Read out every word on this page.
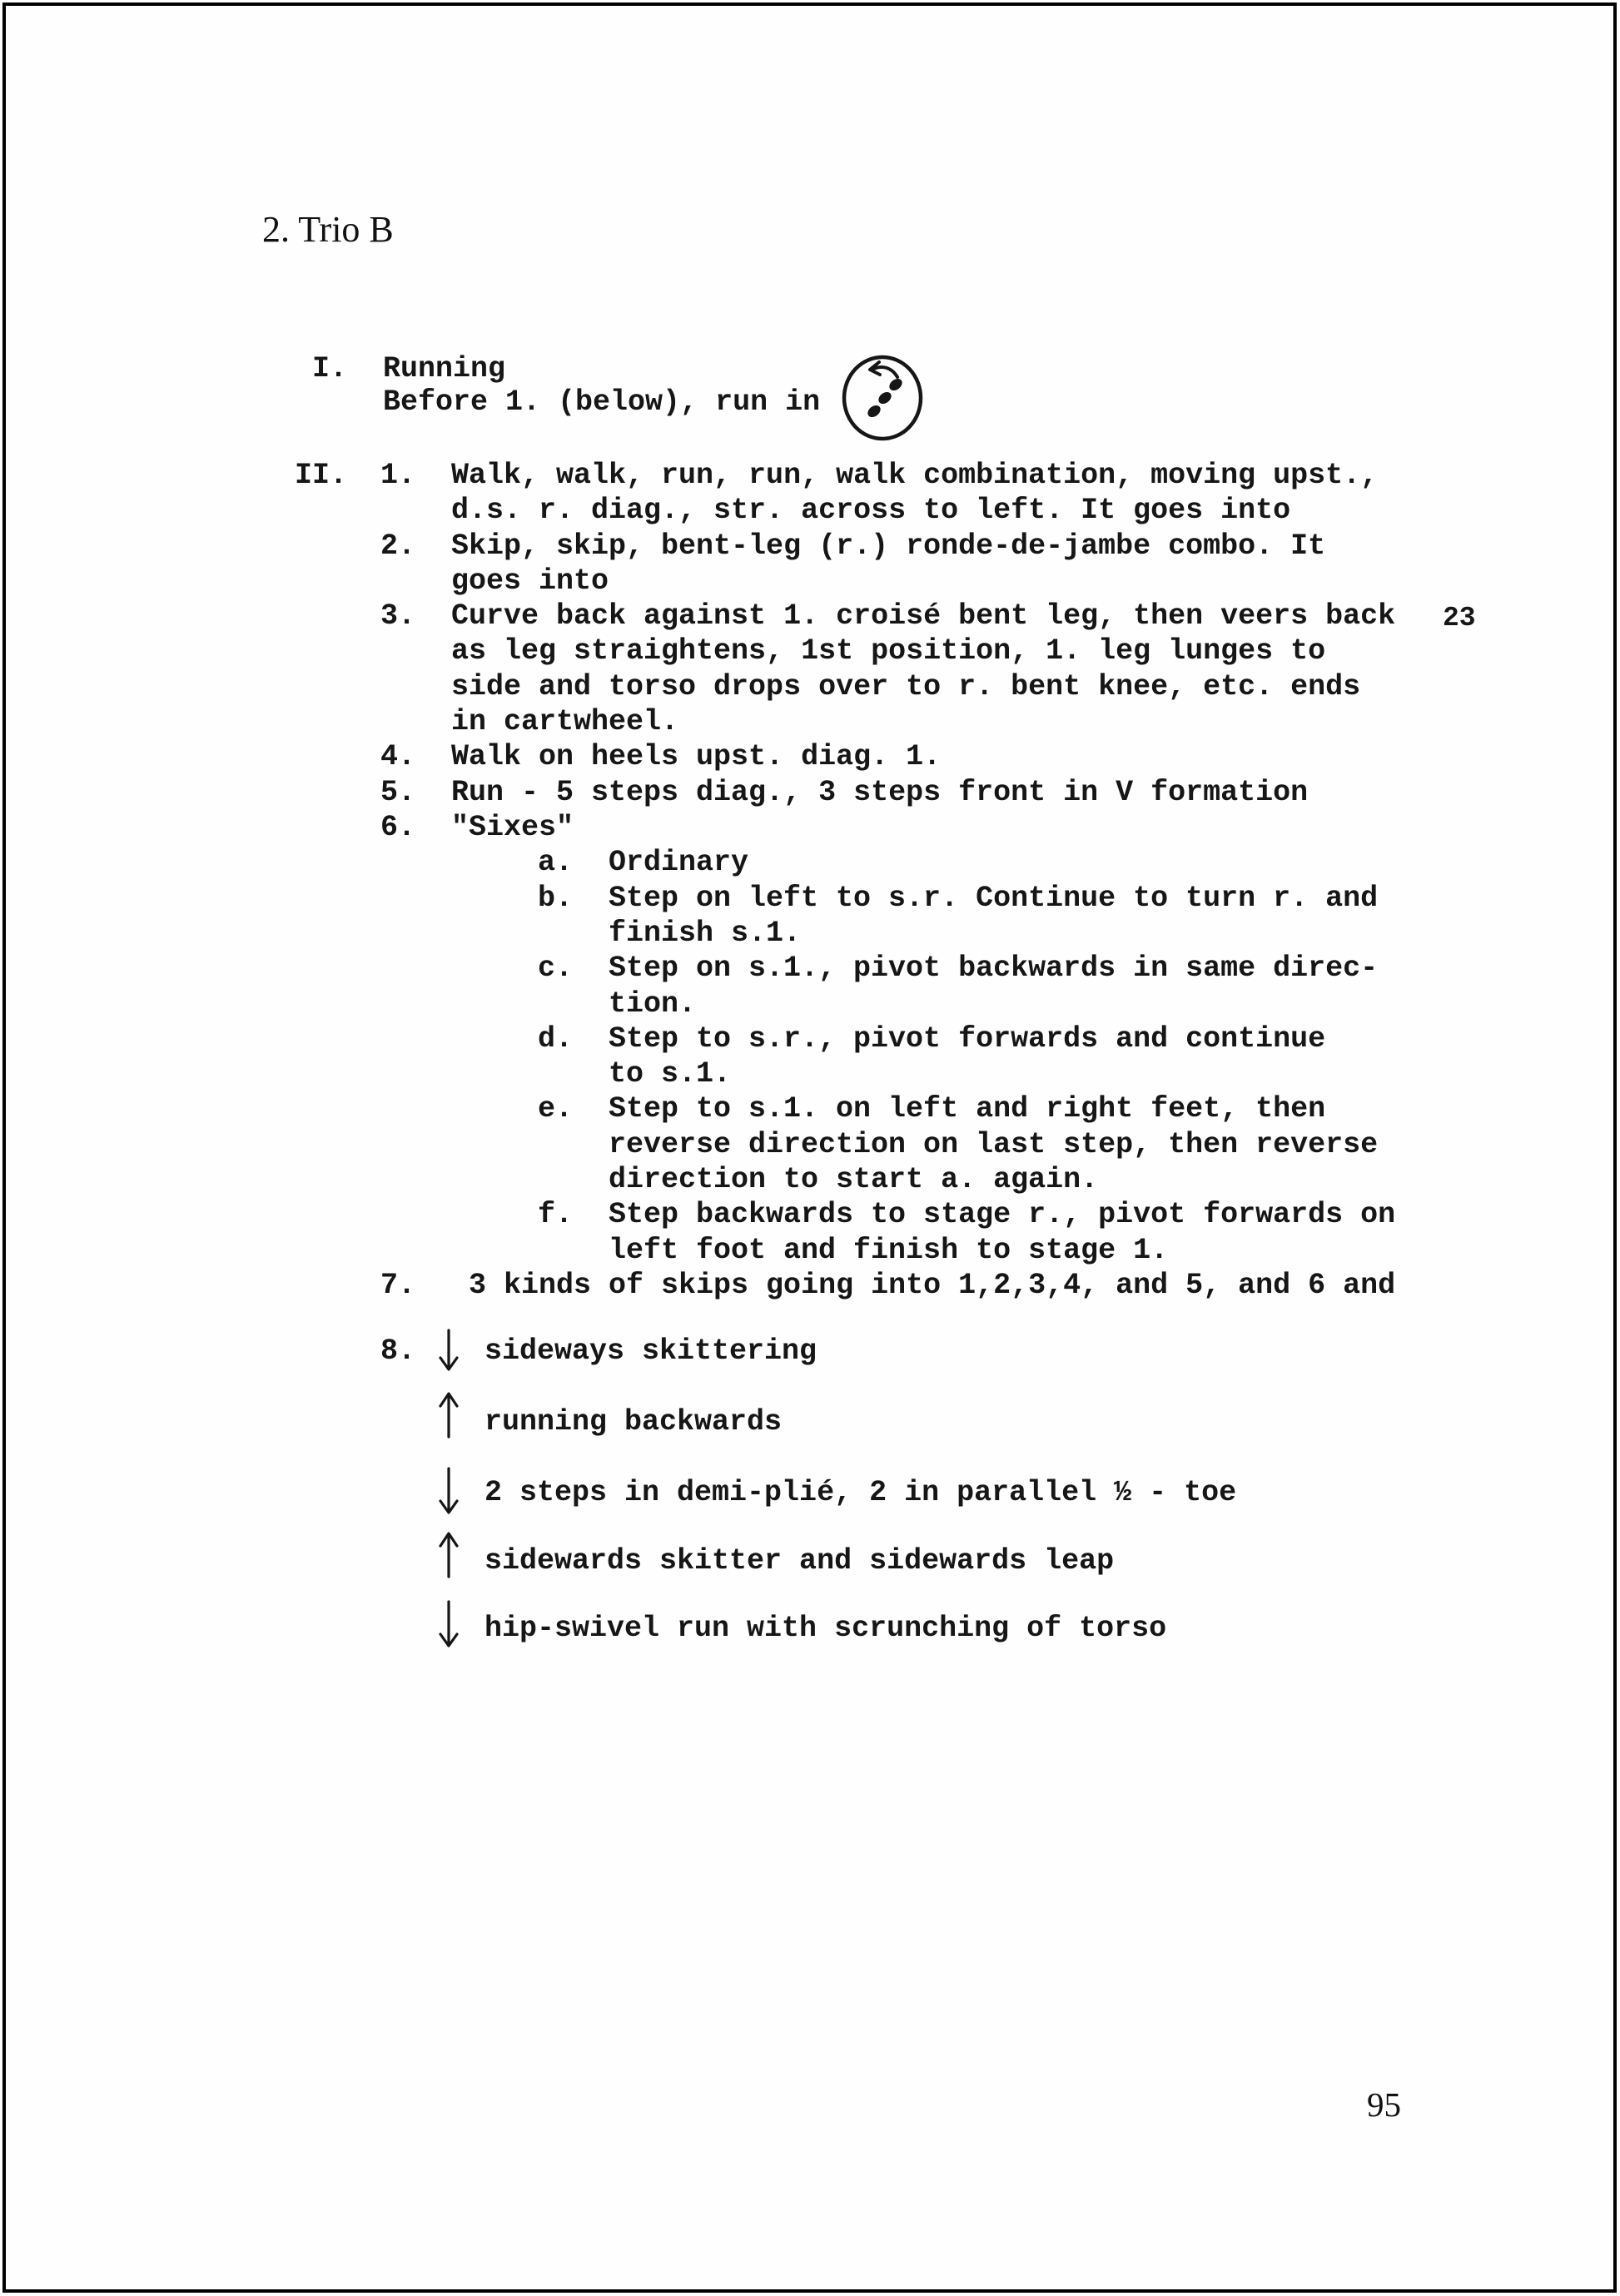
2. Trio B
I. Running
Before 1. (below), run in
II. 1. Walk, walk, run, run, walk combination, moving upst.,
d.s. r. diag., str. across to left. It goes into
2. Skip, skip, bent-leg (r.) ronde-de-jambe combo. It
goes into
3. Curve back against 1. croisé bent leg, then veers back 23
as leg straightens, 1st position, 1. leg lunges to
side and torso drops over to r. bent knee, etc. ends
in cartwheel.
4. Walk on heels upst. diag. 1.
5. Run - 5 steps diag., 3 steps front in V formation
6. "Sixes"
a. Ordinary
b. Step on left to s.r. Continue to turn r. and
finish s.1.
c. Step on s.1., pivot backwards in same direc-
tion.
d. Step to s.r., pivot forwards and continue
to s.1.
e. Step to s.1. on left and right feet, then
reverse direction on last step, then reverse
direction to start a. again.
f. Step backwards to stage r., pivot forwards on
left foot and finish to stage 1.
7. 3 kinds of skips going into 1,2,3,4, and 5, and 6 and
8. sideways skittering
running backwards
2 steps in demi-plié, 2 in parallel ½ - toe
sidewards skitter and sidewards leap
hip-swivel run with scrunching of torso
95
